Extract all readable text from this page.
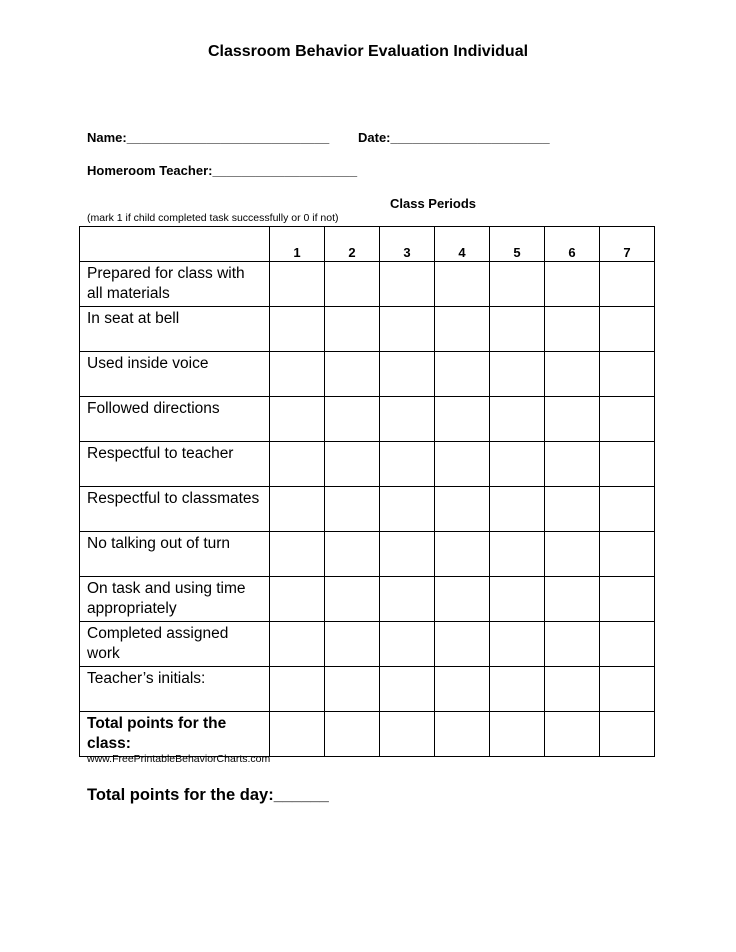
Classroom Behavior Evaluation Individual
Name:____________________________ Date:______________________
Homeroom Teacher:____________________
Class Periods
(mark 1 if child completed task successfully or 0 if not)
	1	2	3	4	5	6	7
Prepared for class with all materials							
In seat at bell							
Used inside voice							
Followed directions							
Respectful to teacher							
Respectful to classmates							
No talking out of turn							
On task and using time appropriately							
Completed assigned work							
Teacher’s initials:							
Total points for the class:							
www.FreePrintableBehaviorCharts.com
Total points for the day:______
